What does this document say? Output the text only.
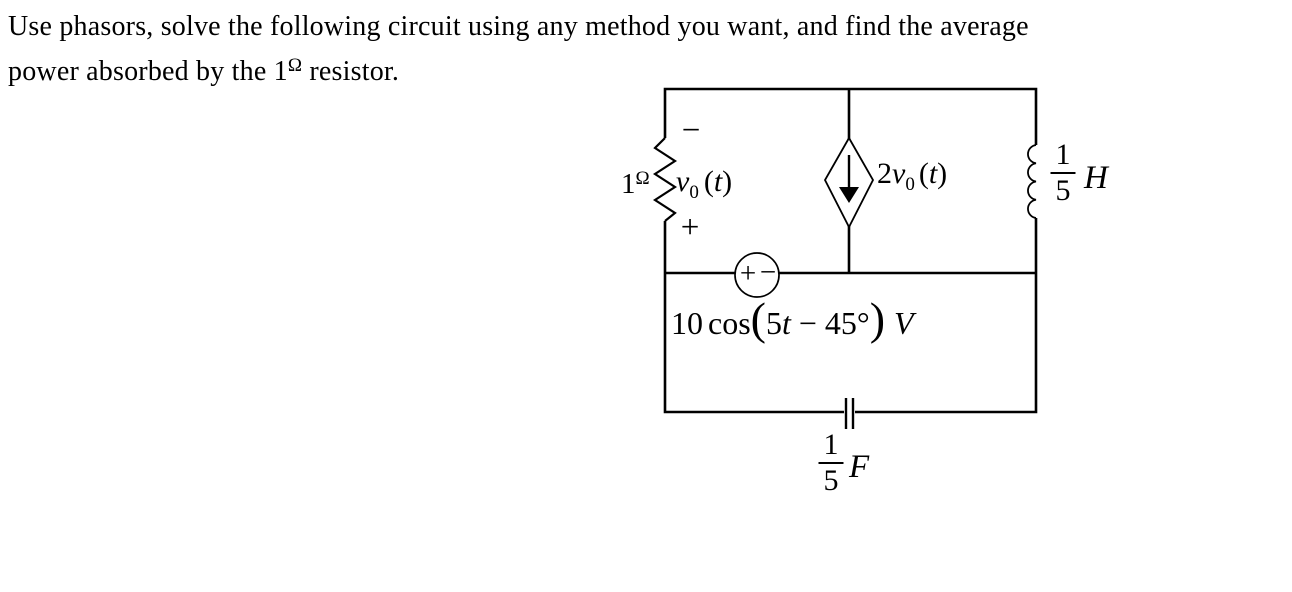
Use phasors, solve the following circuit using any method you want, and find the average
power absorbed by the $1^\Omega$ resistor.
$1^\Omega$
−
$v_0$ (t)
+
$2v_0$ (t)	$\frac{1}{5}$ H
+ −
10 cos(5t − 45°) V
$\frac{1}{5}$ F
